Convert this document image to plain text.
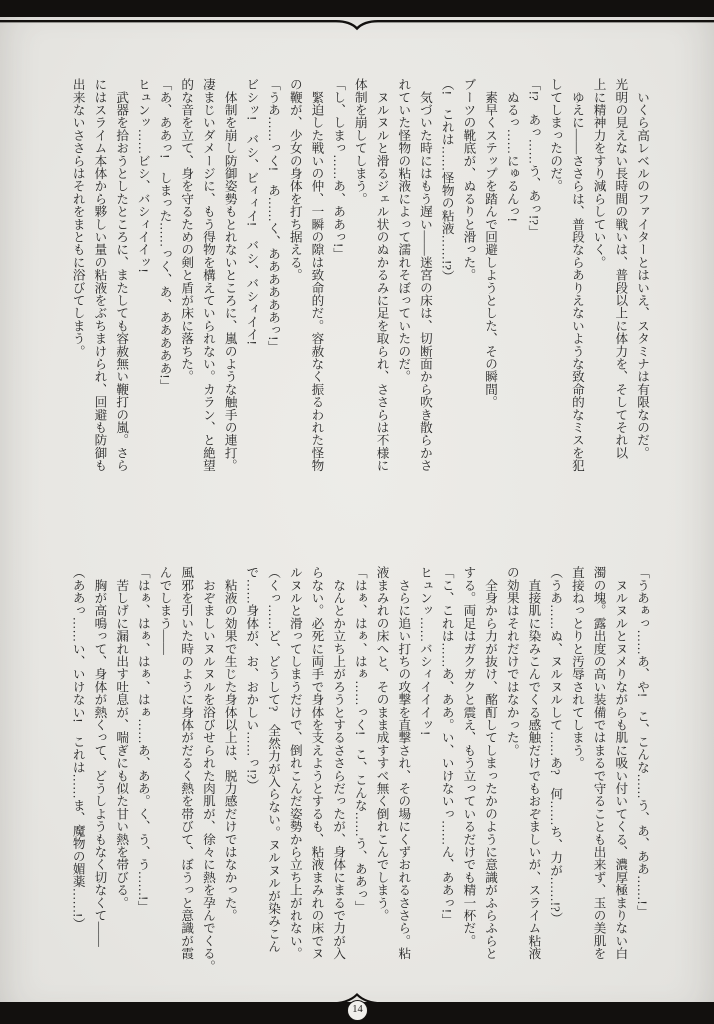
　いくら高レベルのファイターとはいえ、スタミナは有限なのだ。
光明の見えない長時間の戦いは、普段以上に体力を、そしてそれ以
上に精神力をすり減らしていく。
　ゆえに――ささらは、普段ならありえないような致命的なミスを犯
してしまったのだ。
「!?　あっ……う、あっ!?」
　ぬるっ……にゅるんっ!
　素早くステップを踏んで回避しようとした、その瞬間。
ブーツの靴底が、ぬるりと滑った。
（!　これは……怪物の粘液……!?）
　気づいた時にはもう遅い――迷宮の床は、切断面から吹き散らかさ
れていた怪物の粘液によって濡れそぼっていたのだ。
　ヌルヌルと滑るジェル状のぬかるみに足を取られ、ささらは不様に
体制を崩してしまう。
「し、しまっ……あ、ああっ!」
　緊迫した戦いの仲、一瞬の隙は致命的だ。容赦なく振るわれた怪物
の鞭が、少女の身体を打ち据える。
「うあ……っく!　あ……く、ああああああっ!」
ビシッ!　バシ、ビィィイ!　バシ、バシィイイ!
　体制を崩し防御姿勢もとれないところに、嵐のような触手の連打。
凄まじいダメージに、もう得物を構えていられない。カラン、と絶望
的な音を立て、身を守るための剣と盾が床に落ちた。
「あ、ああっ!　しまった……っく、あ、あああああ!」
ヒュンッ……ビシ、バシィイイッ!
　武器を拾おうとしたところに、またしても容赦無い鞭打の嵐。さら
にはスライム本体から夥しい量の粘液をぶちまけられ、回避も防御も
出来ないささらはそれをまともに浴びてしまう。
「うあぁっ……あ、や!　こ、こんな……う、あ、ああ……!」
　ヌルヌルとヌメりながらも肌に吸い付いてくる、濃厚極まりない白
濁の塊。露出度の高い装備ではまるで守ることも出来ず、玉の美肌を
直接ねっとりと汚辱されてしまう。
（うあ……ぬ、ヌルヌルして……あ?　何……ち、力が……!?）
　直接肌に染みこんでくる感触だけでもおぞましいが、スライム粘液
の効果はそれだけではなかった。
　全身から力が抜け、酩酊してしまったかのように意識がふらふらと
する。両足はガクガクと震え、もう立っているだけでも精一杯だ。
「こ、これは……あ、ああ。い、いけないっ……ん、ああっ!」
ヒュンッ……バシィイイイッ!
　さらに追い打ちの攻撃を直撃され、その場にくずおれるささら。粘
液まみれの床へと、そのまま成すすべ無く倒れこんでしまう。
「はぁ、はぁ、はぁ……っく!　こ、こんな……う、ああっ」
　なんとか立ち上がろうとするささらだったが、身体にまるで力が入
らない。必死に両手で身体を支えようとするも、粘液まみれの床でヌ
ルヌルと滑ってしまうだけで、倒れこんだ姿勢から立ち上がれない。
（くっ……ど、どうして?　全然力が入らない。ヌルヌルが染みこん
で……身体が、お、おかしい……っ!?）
　粘液の効果で生じた身体以上は、脱力感だけではなかった。
　おぞましいヌルヌルを浴びせられた肉肌が、徐々に熱を孕んでくる。
風邪を引いた時のように身体がだるく熱を帯びて、ぼうっと意識が霞
んでしまう――
「はぁ、はぁ、はぁ、はぁ……あ、ああ。く、う、う……!」
　苦しげに漏れ出す吐息が、喘ぎにも似た甘い熱を帯びる。
　胸が高鳴って、身体が熱くって、どうしようもなく切なくて――
（ああっ……い、いけない!　これは……ま、魔物の媚薬……!）
14
